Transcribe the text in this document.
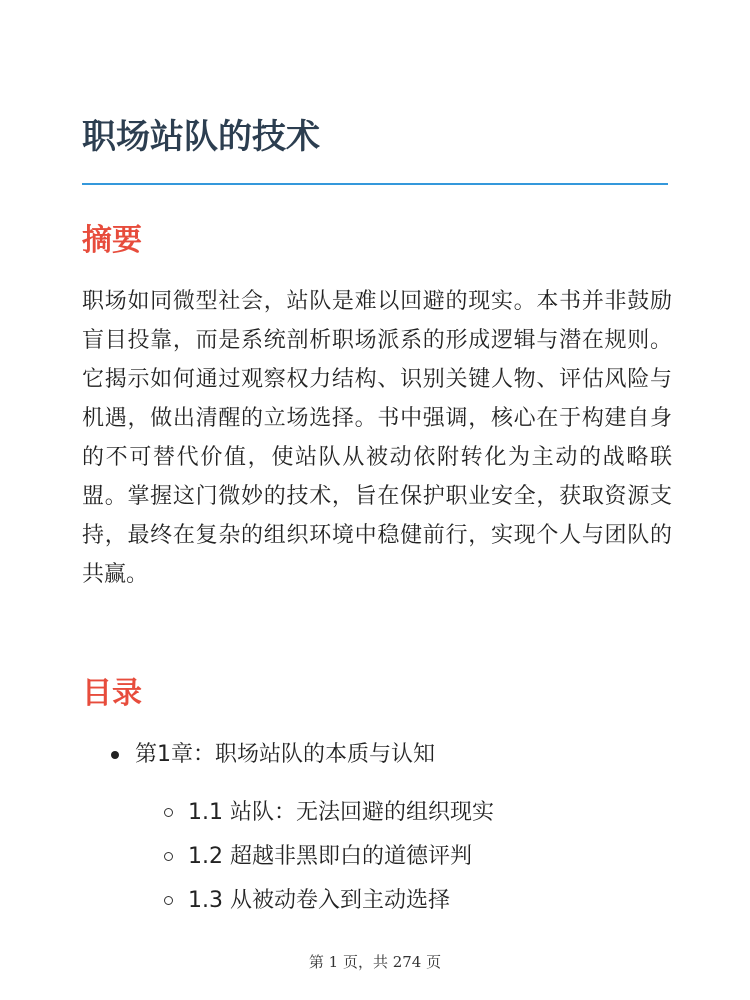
职场站队的技术
摘要

职场如同微型社会，站队是难以回避的现实。本书并非鼓励盲目投靠，而是系统剖析职场派系的形成逻辑与潜在规则。它揭示如何通过观察权力结构、识别关键人物、评估风险与机遇，做出清醒的立场选择。书中强调，核心在于构建自身的不可替代价值，使站队从被动依附转化为主动的战略联盟。掌握这门微妙的技术，旨在保护职业安全，获取资源支持，最终在复杂的组织环境中稳健前行，实现个人与团队的共赢。

目录
第1章：职场站队的本质与认知
1.1 站队：无法回避的组织现实
1.2 超越非黑即白的道德评判
1.3 从被动卷入到主动选择
第 1 页，共 274 页
